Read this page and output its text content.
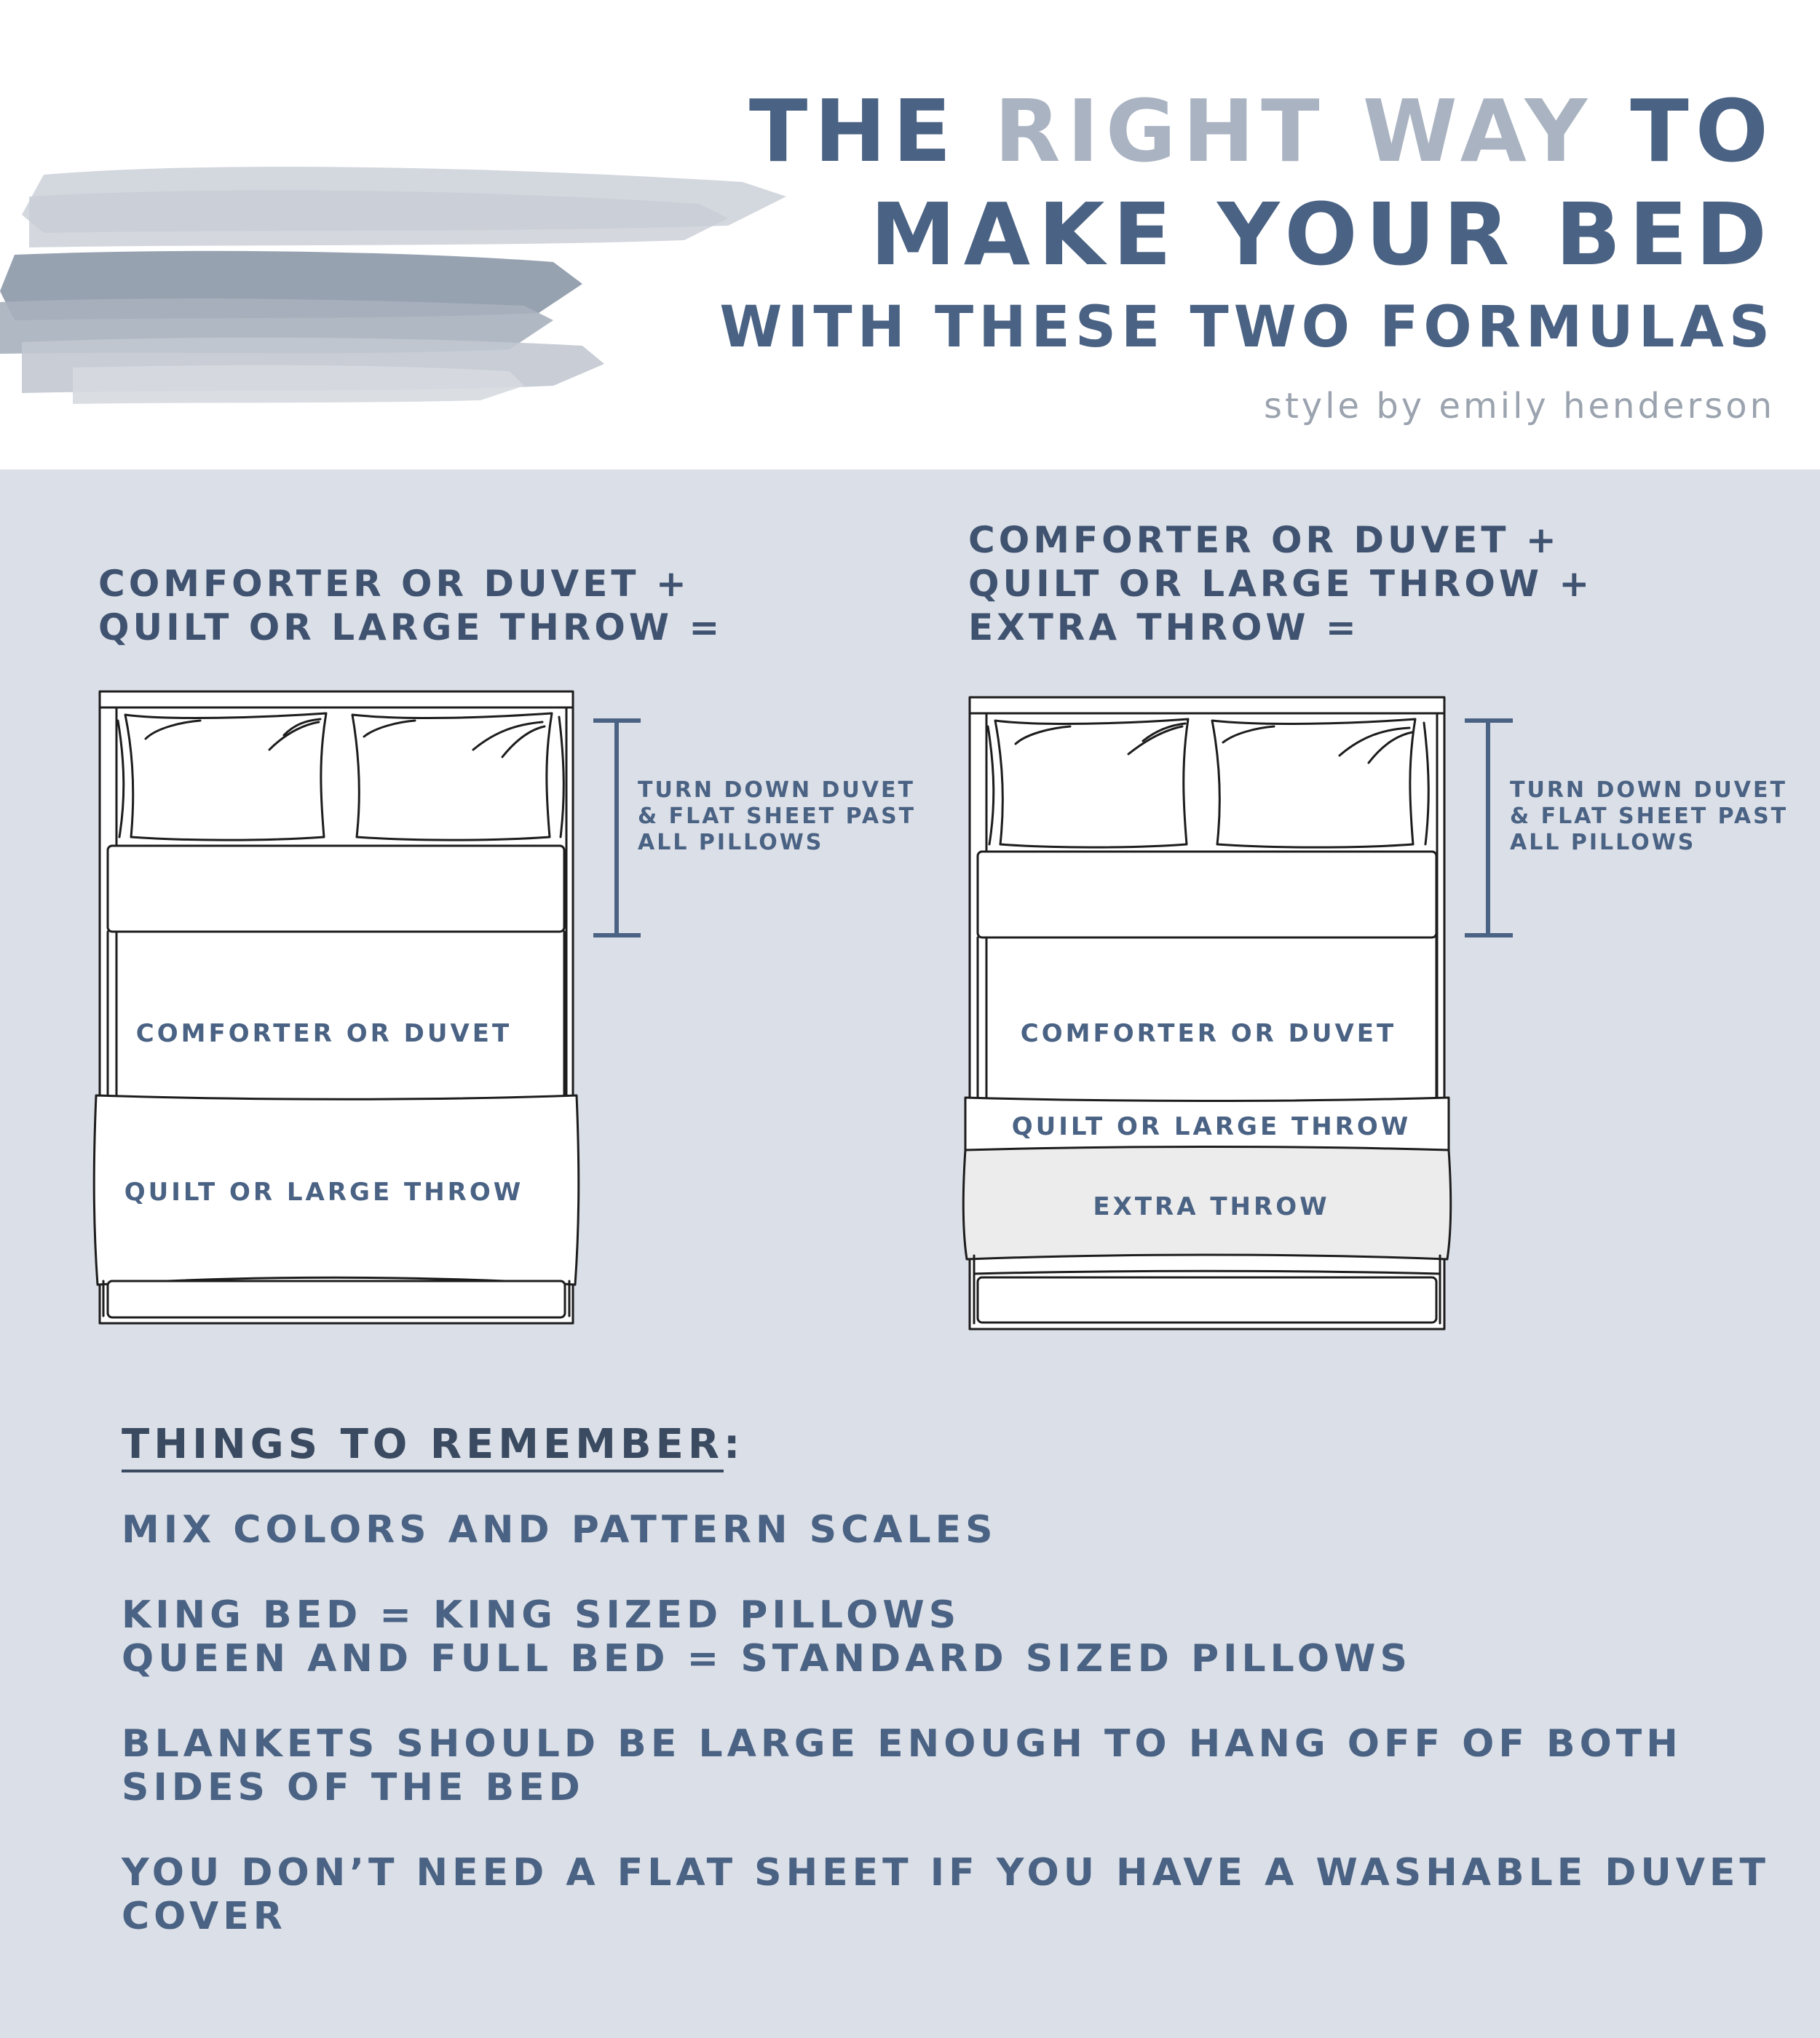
THE RIGHT WAY TO
MAKE YOUR BED
WITH THESE TWO FORMULAS
style by emily henderson
COMFORTER OR DUVET +
QUILT OR LARGE THROW =
COMFORTER OR DUVET +
QUILT OR LARGE THROW +
EXTRA THROW =
TURN DOWN DUVET
& FLAT SHEET PAST
ALL PILLOWS
TURN DOWN DUVET
& FLAT SHEET PAST
ALL PILLOWS
COMFORTER OR DUVET
QUILT OR LARGE THROW
COMFORTER OR DUVET
QUILT OR LARGE THROW
EXTRA THROW
THINGS TO REMEMBER:
MIX COLORS AND PATTERN SCALES
KING BED = KING SIZED PILLOWS
QUEEN AND FULL BED = STANDARD SIZED PILLOWS
BLANKETS SHOULD BE LARGE ENOUGH TO HANG OFF OF BOTH
SIDES OF THE BED
YOU DON’T NEED A FLAT SHEET IF YOU HAVE A WASHABLE DUVET
COVER
